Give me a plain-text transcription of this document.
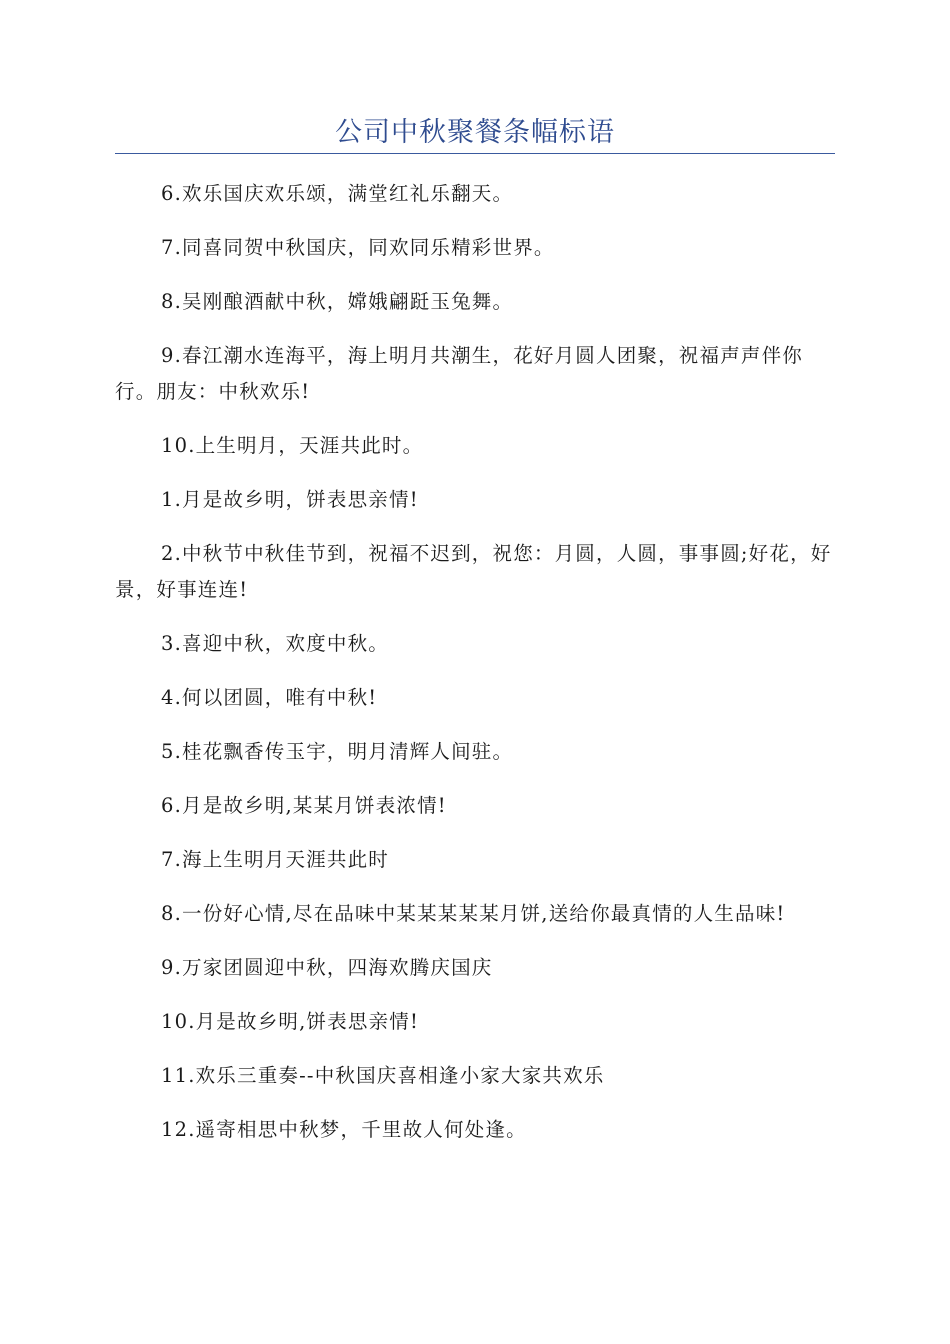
公司中秋聚餐条幅标语

6.欢乐国庆欢乐颂，满堂红礼乐翻天。

7.同喜同贺中秋国庆，同欢同乐精彩世界。

8.吴刚酿酒献中秋，嫦娥翩跹玉兔舞。

9.春江潮水连海平，海上明月共潮生，花好月圆人团聚，祝福声声伴你行。朋友：中秋欢乐!

10.上生明月，天涯共此时。

1.月是故乡明，饼表思亲情!

2.中秋节中秋佳节到，祝福不迟到，祝您：月圆，人圆，事事圆;好花，好景，好事连连!

3.喜迎中秋，欢度中秋。

4.何以团圆，唯有中秋!

5.桂花飘香传玉宇，明月清辉人间驻。

6.月是故乡明,某某月饼表浓情!

7.海上生明月天涯共此时

8.一份好心情,尽在品味中某某某某某月饼,送给你最真情的人生品味!

9.万家团圆迎中秋，四海欢腾庆国庆

10.月是故乡明,饼表思亲情!

11.欢乐三重奏--中秋国庆喜相逢小家大家共欢乐

12.遥寄相思中秋梦，千里故人何处逢。
